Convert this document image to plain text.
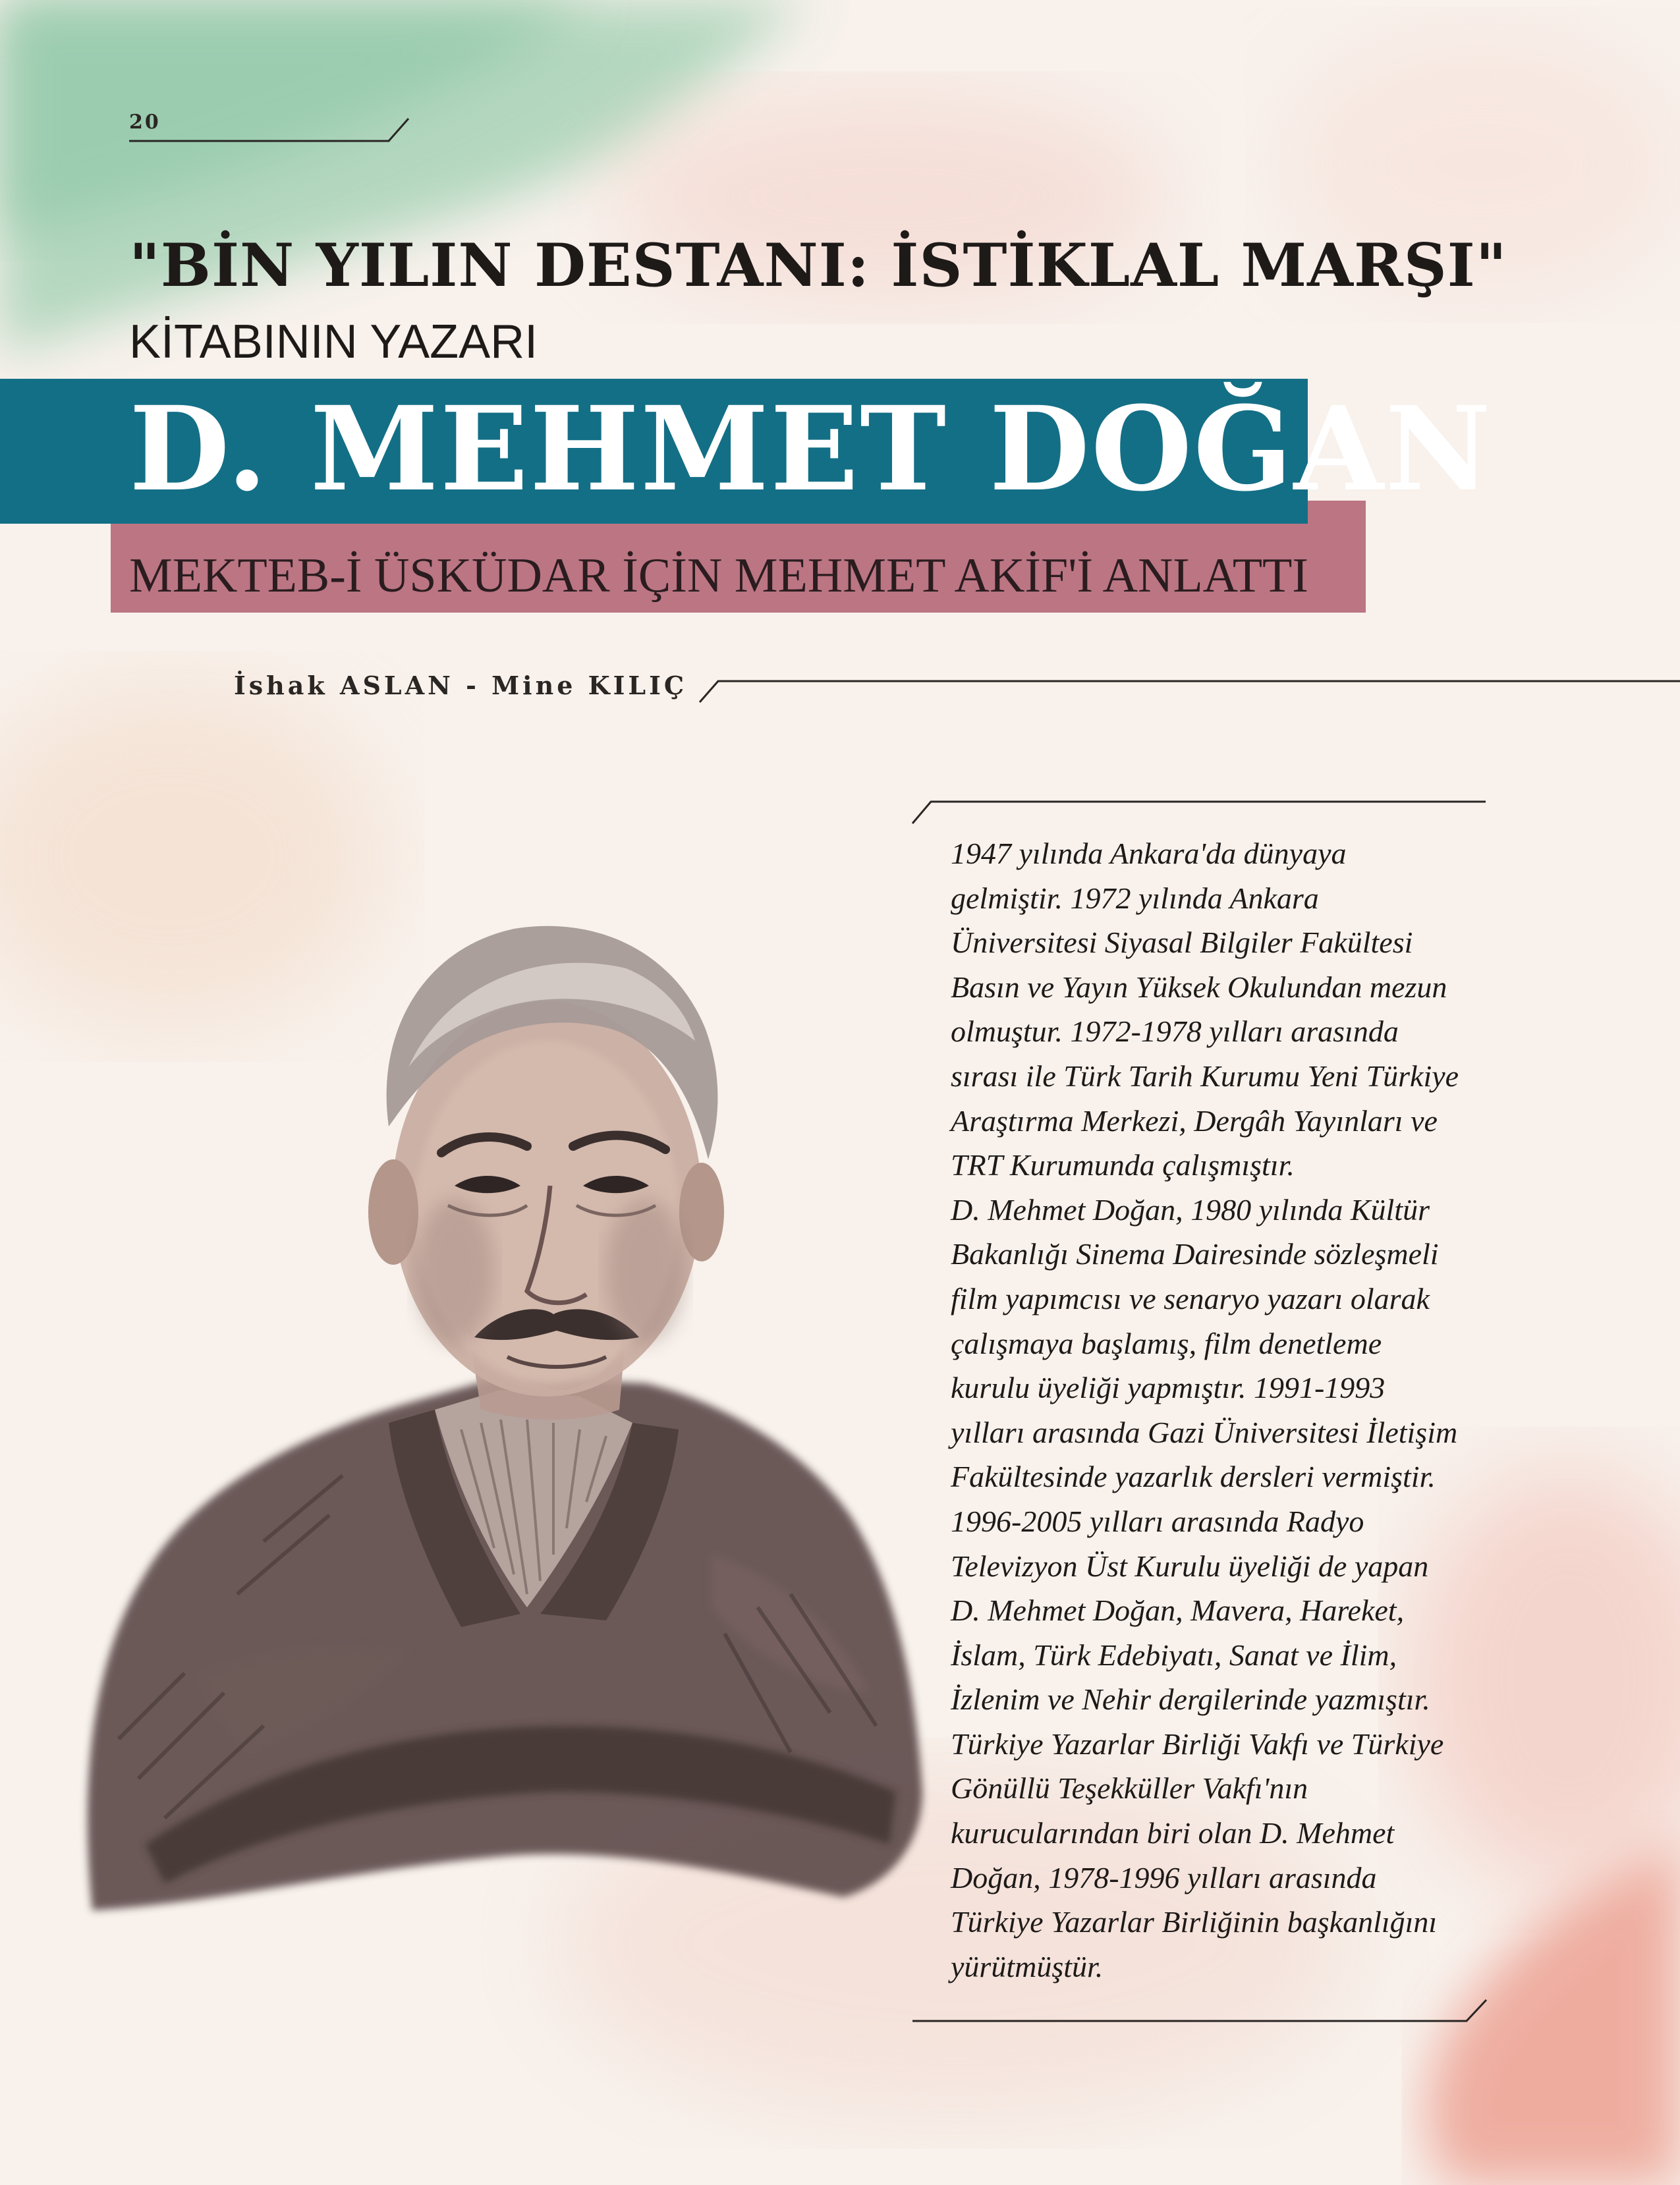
20
"BİN YILIN DESTANI: İSTİKLAL MARŞI"
KİTABININ YAZARI
D. MEHMET DOĞAN
MEKTEB-İ ÜSKÜDAR İÇİN MEHMET AKİF'İ ANLATTI
İshak ASLAN - Mine KILIÇ
1947 yılında Ankara'da dünyaya
gelmiştir. 1972 yılında Ankara
Üniversitesi Siyasal Bilgiler Fakültesi
Basın ve Yayın Yüksek Okulundan mezun
olmuştur. 1972-1978 yılları arasında
sırası ile Türk Tarih Kurumu Yeni Türkiye
Araştırma Merkezi, Dergâh Yayınları ve
TRT Kurumunda çalışmıştır.
D. Mehmet Doğan, 1980 yılında Kültür
Bakanlığı Sinema Dairesinde sözleşmeli
film yapımcısı ve senaryo yazarı olarak
çalışmaya başlamış, film denetleme
kurulu üyeliği yapmıştır. 1991-1993
yılları arasında Gazi Üniversitesi İletişim
Fakültesinde yazarlık dersleri vermiştir.
1996-2005 yılları arasında Radyo
Televizyon Üst Kurulu üyeliği de yapan
D. Mehmet Doğan, Mavera, Hareket,
İslam, Türk Edebiyatı, Sanat ve İlim,
İzlenim ve Nehir dergilerinde yazmıştır.
Türkiye Yazarlar Birliği Vakfı ve Türkiye
Gönüllü Teşekküller Vakfı'nın
kurucularından biri olan D. Mehmet
Doğan, 1978-1996 yılları arasında
Türkiye Yazarlar Birliğinin başkanlığını
yürütmüştür.
